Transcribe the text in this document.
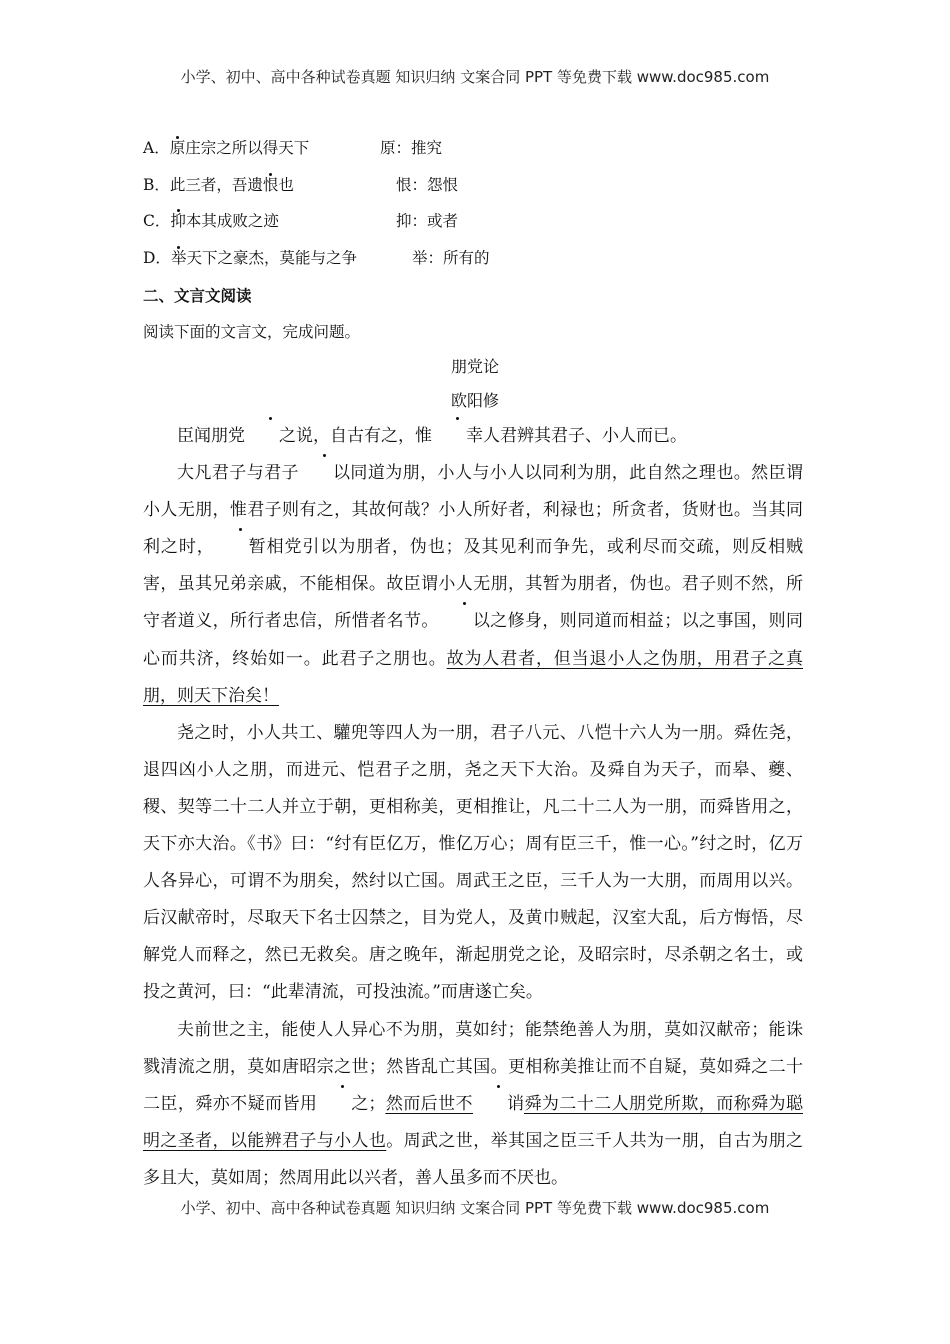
小学、初中、高中各种试卷真题 知识归纳 文案合同 PPT 等免费下载 www.doc985.com
A．原庄宗之所以得天下	原：推究
B．此三者，吾遗恨也	恨：怨恨
C．抑本其成败之迹	抑：或者
D．举天下之豪杰，莫能与之争	举：所有的
二、文言文阅读
阅读下面的文言文，完成问题。
朋党论
欧阳修

臣闻朋党 之说，自古有之，惟 幸人君辨其君子、小人而已。

大凡君子与君子 以同道为朋，小人与小人以同利为朋，此自然之理也。然臣谓小人无朋，惟君子则有之，其故何哉？小人所好者，利禄也；所贪者，货财也。当其同利之时， 暂相党引以为朋者，伪也；及其见利而争先，或利尽而交疏，则反相贼害，虽其兄弟亲戚，不能相保。故臣谓小人无朋，其暂为朋者，伪也。君子则不然，所守者道义，所行者忠信，所惜者名节。 以之修身，则同道而相益；以之事国，则同心而共济，终始如一。此君子之朋也。故为人君者，但当退小人之伪朋，用君子之真朋，则天下治矣！

尧之时，小人共工、驩兜等四人为一朋，君子八元、八恺十六人为一朋。舜佐尧，退四凶小人之朋，而进元、恺君子之朋，尧之天下大治。及舜自为天子，而皋、夔、稷、契等二十二人并立于朝，更相称美，更相推让，凡二十二人为一朋，而舜皆用之，天下亦大治。《书》曰：“纣有臣亿万，惟亿万心；周有臣三千，惟一心。”纣之时，亿万人各异心，可谓不为朋矣，然纣以亡国。周武王之臣，三千人为一大朋，而周用以兴。后汉献帝时，尽取天下名士囚禁之，目为党人，及黄巾贼起，汉室大乱，后方悔悟，尽解党人而释之，然已无救矣。唐之晚年，渐起朋党之论，及昭宗时，尽杀朝之名士，或投之黄河，曰：“此辈清流，可投浊流。”而唐遂亡矣。

夫前世之主，能使人人异心不为朋，莫如纣；能禁绝善人为朋，莫如汉献帝；能诛戮清流之朋，莫如唐昭宗之世；然皆乱亡其国。更相称美推让而不自疑，莫如舜之二十二臣，舜亦不疑而皆用 之；然而后世不 诮舜为二十二人朋党所欺，而称舜为聪明之圣者，以能辨君子与小人也。周武之世，举其国之臣三千人共为一朋，自古为朋之多且大，莫如周；然周用此以兴者，善人虽多而不厌也。

小学、初中、高中各种试卷真题 知识归纳 文案合同 PPT 等免费下载 www.doc985.com
